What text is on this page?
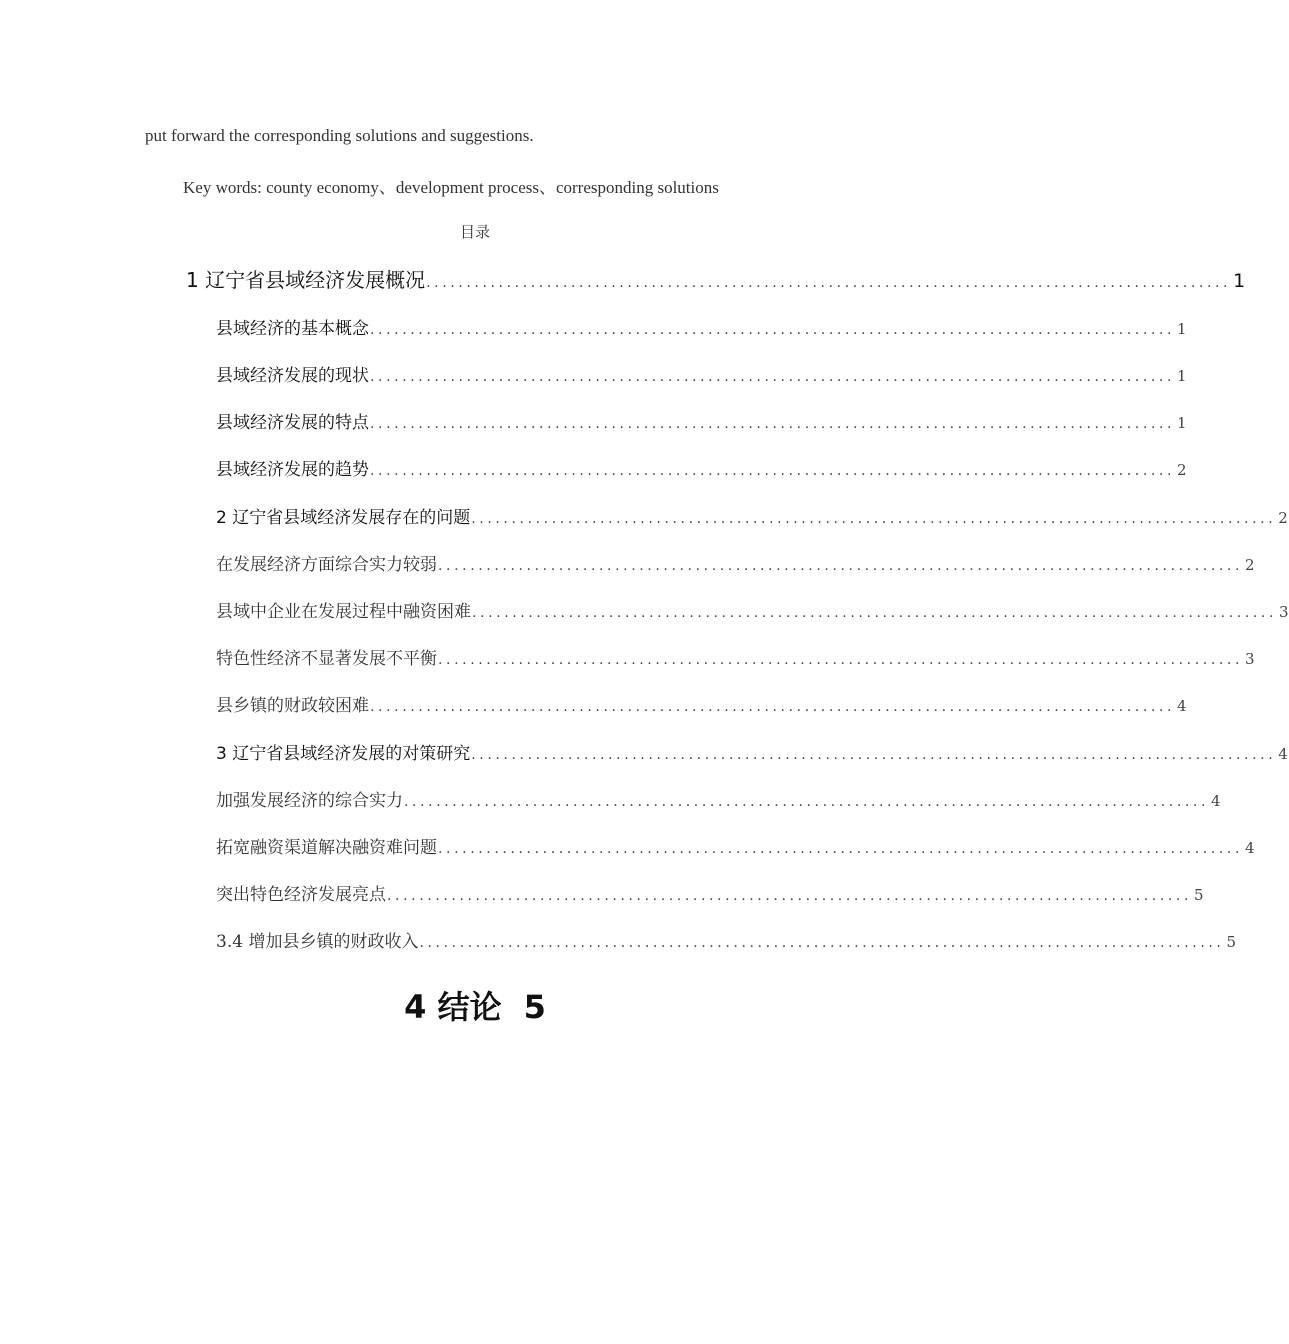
put forward the corresponding solutions and suggestions.
Key words: county economy、development process、corresponding solutions
目录
1 辽宁省县域经济发展概况 .................................................................................................... 1
县域经济的基本概念 .................................................................................................... 1
县域经济发展的现状 .................................................................................................... 1
县域经济发展的特点 .................................................................................................... 1
县域经济发展的趋势 .................................................................................................... 2
2 辽宁省县域经济发展存在的问题 .................................................................................................... 2
在发展经济方面综合实力较弱 .................................................................................................... 2
县域中企业在发展过程中融资困难 .................................................................................................... 3
特色性经济不显著发展不平衡 .................................................................................................... 3
县乡镇的财政较困难 .................................................................................................... 4
3 辽宁省县域经济发展的对策研究 .................................................................................................... 4
加强发展经济的综合实力 .................................................................................................... 4
拓宽融资渠道解决融资难问题 .................................................................................................... 4
突出特色经济发展亮点 .................................................................................................... 5
3.4 增加县乡镇的财政收入 .................................................................................................... 5
4 结论 5
